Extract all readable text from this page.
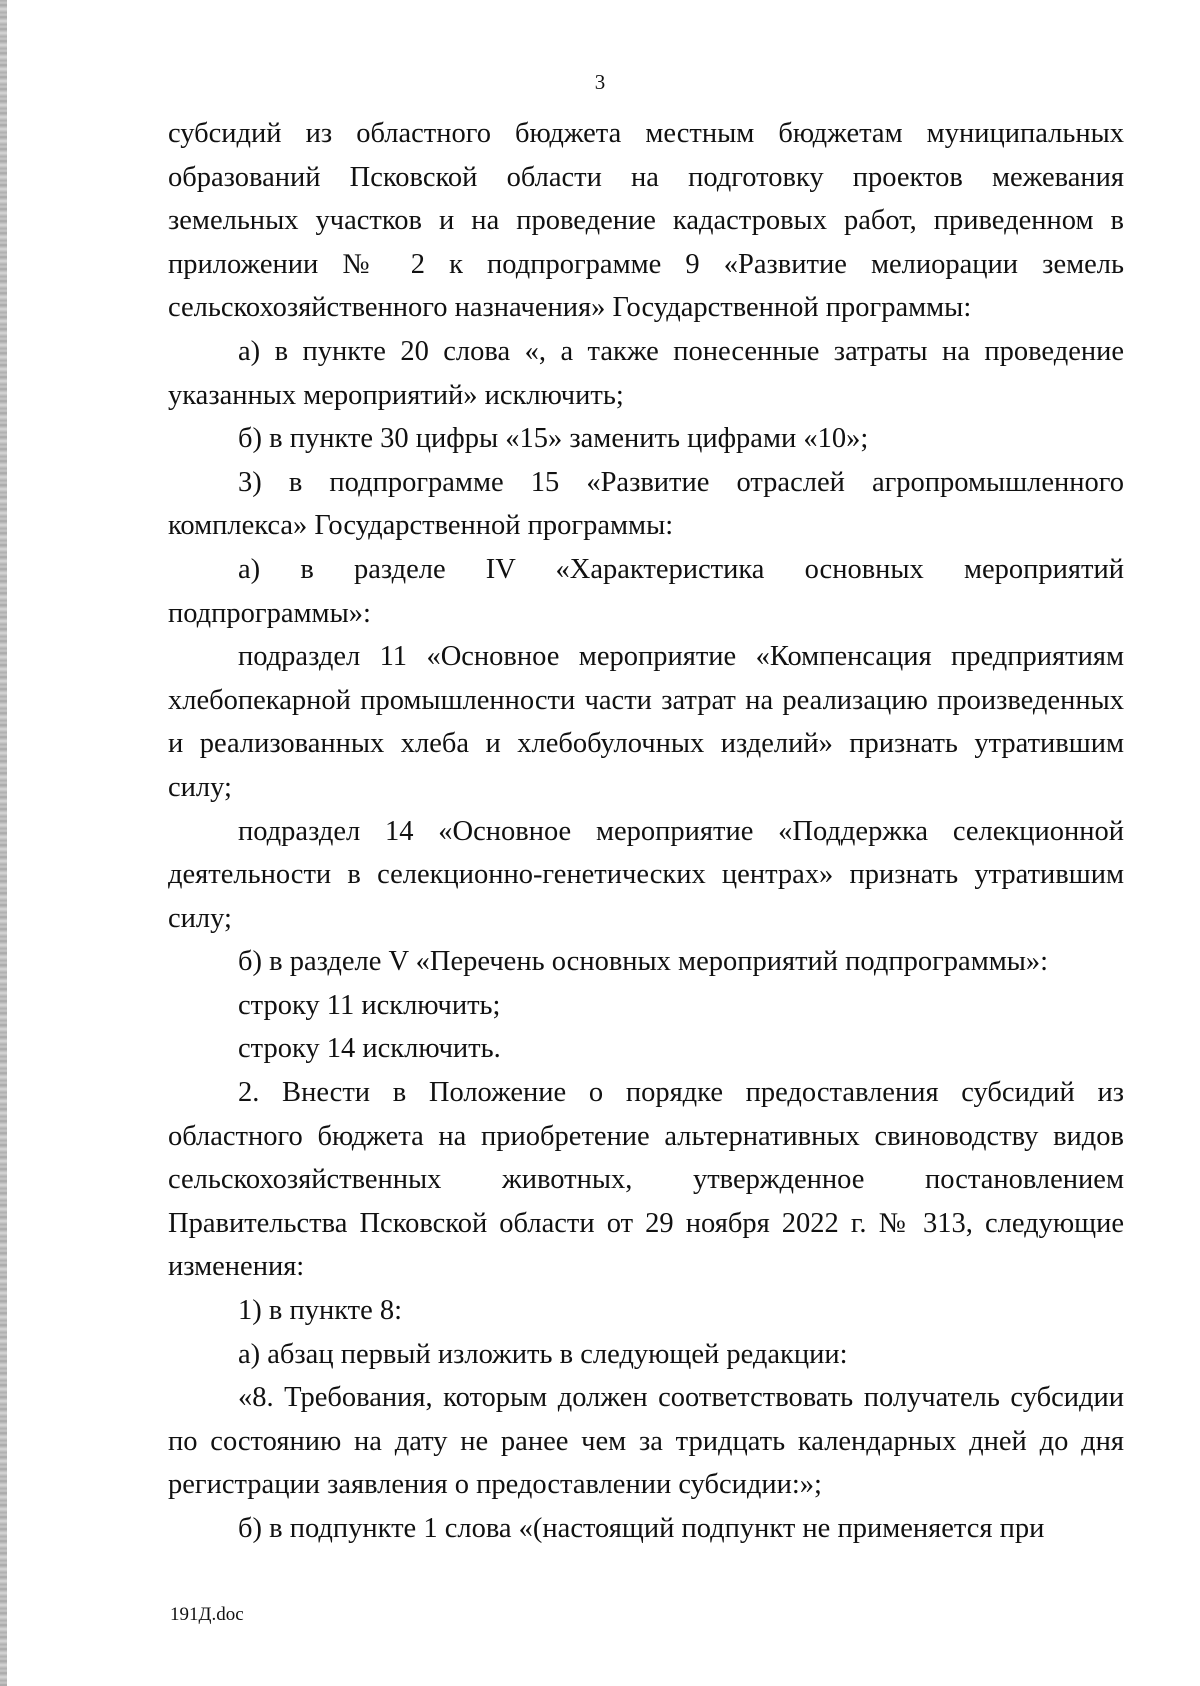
3

субсидий из областного бюджета местным бюджетам муниципальных образований Псковской области на подготовку проектов межевания земельных участков и на проведение кадастровых работ, приведенном в приложении № 2 к подпрограмме 9 «Развитие мелиорации земель сельскохозяйственного назначения» Государственной программы:

а) в пункте 20 слова «, а также понесенные затраты на проведение указанных мероприятий» исключить;

б) в пункте 30 цифры «15» заменить цифрами «10»;

3) в подпрограмме 15 «Развитие отраслей агропромышленного комплекса» Государственной программы:

а) в разделе IV «Характеристика основных мероприятий подпрограммы»:

подраздел 11 «Основное мероприятие «Компенсация предприятиям хлебопекарной промышленности части затрат на реализацию произведенных и реализованных хлеба и хлебобулочных изделий» признать утратившим силу;

подраздел 14 «Основное мероприятие «Поддержка селекционной деятельности в селекционно-генетических центрах» признать утратившим силу;

б) в разделе V «Перечень основных мероприятий подпрограммы»:

строку 11 исключить;

строку 14 исключить.

2. Внести в Положение о порядке предоставления субсидий из областного бюджета на приобретение альтернативных свиноводству видов сельскохозяйственных животных, утвержденное постановлением Правительства Псковской области от 29 ноября 2022 г. № 313, следующие изменения:

1) в пункте 8:

а) абзац первый изложить в следующей редакции:

«8. Требования, которым должен соответствовать получатель субсидии по состоянию на дату не ранее чем за тридцать календарных дней до дня регистрации заявления о предоставлении субсидии:»;

б) в подпункте 1 слова «(настоящий подпункт не применяется при

191Д.doc
